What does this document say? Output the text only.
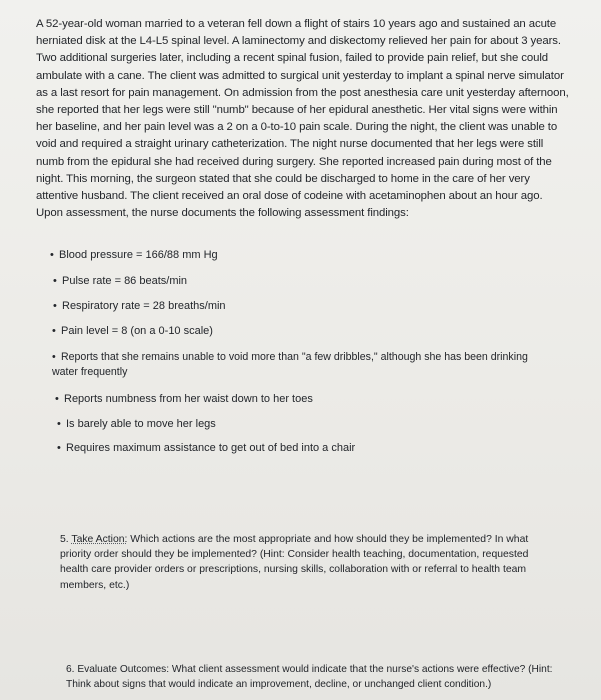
A 52-year-old woman married to a veteran fell down a flight of stairs 10 years ago and sustained an acute herniated disk at the L4-L5 spinal level. A laminectomy and diskectomy relieved her pain for about 3 years. Two additional surgeries later, including a recent spinal fusion, failed to provide pain relief, but she could ambulate with a cane. The client was admitted to surgical unit yesterday to implant a spinal nerve simulator as a last resort for pain management. On admission from the post anesthesia care unit yesterday afternoon, she reported that her legs were still "numb" because of her epidural anesthetic. Her vital signs were within her baseline, and her pain level was a 2 on a 0-to-10 pain scale. During the night, the client was unable to void and required a straight urinary catheterization. The night nurse documented that her legs were still numb from the epidural she had received during surgery. She reported increased pain during most of the night. This morning, the surgeon stated that she could be discharged to home in the care of her very attentive husband. The client received an oral dose of codeine with acetaminophen about an hour ago. Upon assessment, the nurse documents the following assessment findings:

• Blood pressure = 166/88 mm Hg

• Pulse rate = 86 beats/min

• Respiratory rate = 28 breaths/min

• Pain level = 8 (on a 0-10 scale)

• Reports that she remains unable to void more than "a few dribbles," although she has been drinking water frequently

• Reports numbness from her waist down to her toes

• Is barely able to move her legs

• Requires maximum assistance to get out of bed into a chair

5. Take Action: Which actions are the most appropriate and how should they be implemented? In what priority order should they be implemented? (Hint: Consider health teaching, documentation, requested health care provider orders or prescriptions, nursing skills, collaboration with or referral to health team members, etc.)

6. Evaluate Outcomes: What client assessment would indicate that the nurse's actions were effective? (Hint: Think about signs that would indicate an improvement, decline, or unchanged client condition.)
